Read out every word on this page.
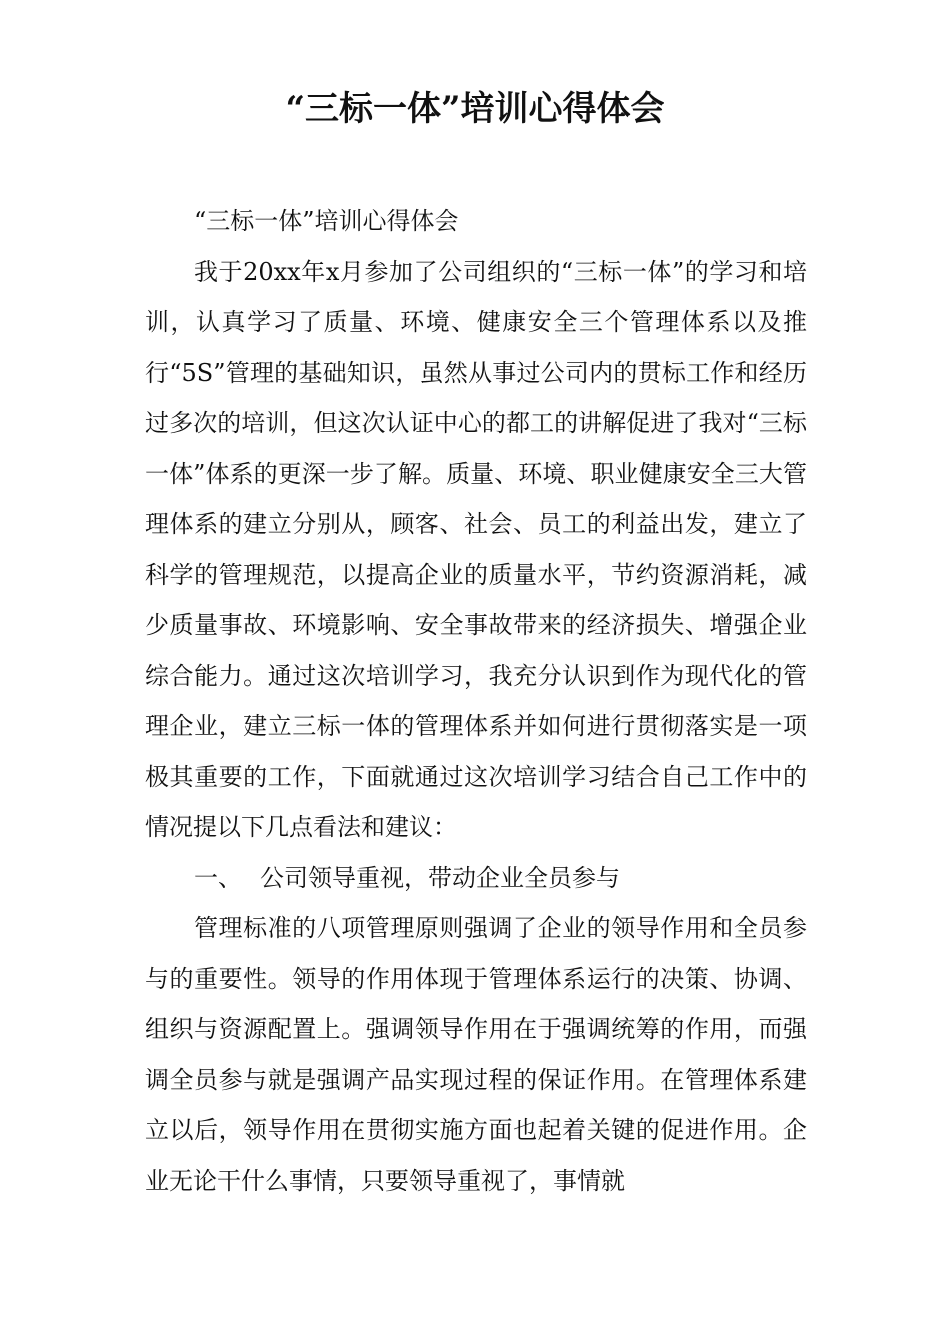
“三标一体”培训心得体会

“三标一体”培训心得体会

我于20xx年x月参加了公司组织的“三标一体”的学习和培训，认真学习了质量、环境、健康安全三个管理体系以及推行“5S”管理的基础知识，虽然从事过公司内的贯标工作和经历过多次的培训，但这次认证中心的都工的讲解促进了我对“三标一体”体系的更深一步了解。质量、环境、职业健康安全三大管理体系的建立分别从，顾客、社会、员工的利益出发，建立了科学的管理规范，以提高企业的质量水平，节约资源消耗，减少质量事故、环境影响、安全事故带来的经济损失、增强企业综合能力。通过这次培训学习，我充分认识到作为现代化的管理企业，建立三标一体的管理体系并如何进行贯彻落实是一项极其重要的工作，下面就通过这次培训学习结合自己工作中的情况提以下几点看法和建议：

一、 公司领导重视，带动企业全员参与

管理标准的八项管理原则强调了企业的领导作用和全员参与的重要性。领导的作用体现于管理体系运行的决策、协调、组织与资源配置上。强调领导作用在于强调统筹的作用，而强调全员参与就是强调产品实现过程的保证作用。在管理体系建立以后，领导作用在贯彻实施方面也起着关键的促进作用。企业无论干什么事情，只要领导重视了，事情就
